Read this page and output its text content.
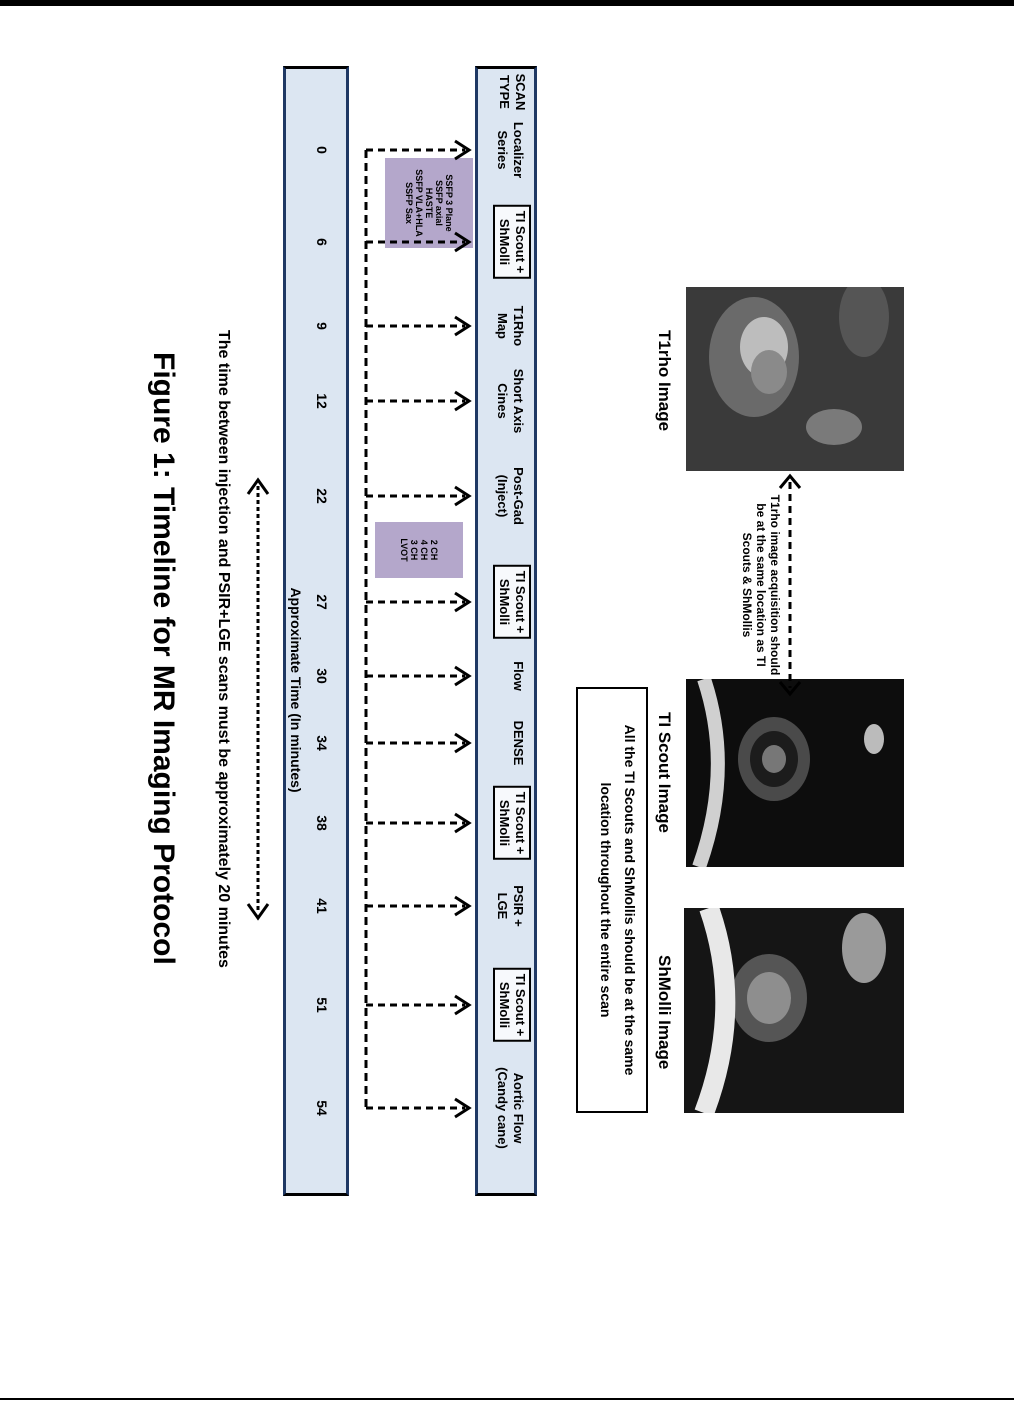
T1rho Image
TI Scout Image
ShMolli Image
T1rho image acquisition should
be at the same location as TI
Scouts & ShMollis
All the TI Scouts and ShMollis should be at the same
location throughout the entire scan
SCAN
TYPE
Localizer
Series
TI Scout +
ShMolli
T1Rho
Map
Short Axis
Cines
Post-Gad
(Inject)
TI Scout +
ShMolli
Flow
DENSE
TI Scout +
ShMolli
PSIR +
LGE
TI Scout +
ShMolli
Aortic Flow
(Candy cane)
SSFP 3 Plane
SSFP axial
HASTE
SSFP VLA+HLA
SSFP Sax
2 CH
4 CH
3 CH
LVOT
0
6
9
12
22
27
30
34
38
41
51
54
Approximate Time (In minutes)
The time between injection and PSIR+LGE scans must be approximately 20 minutes
Figure 1: Timeline for MR Imaging Protocol
